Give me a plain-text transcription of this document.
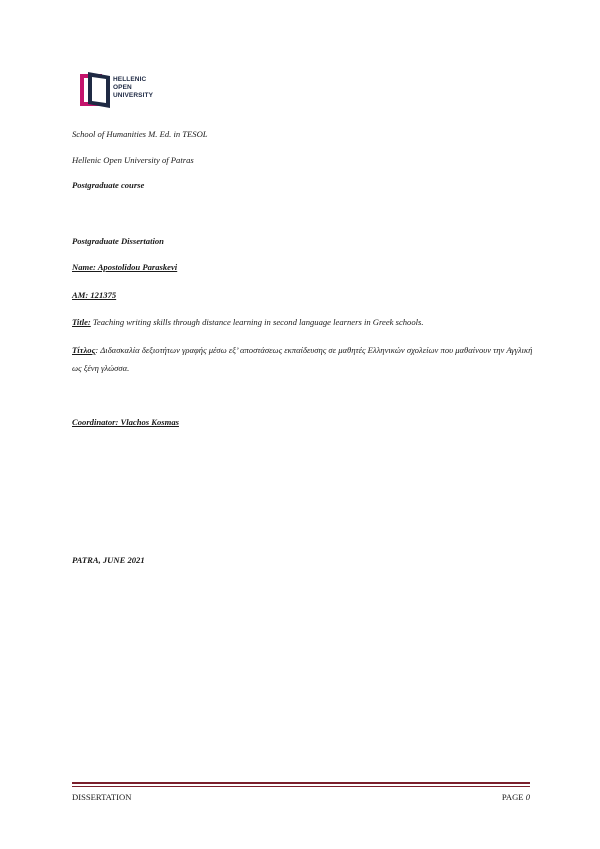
HELLENIC
OPEN
UNIVERSITY
School of Humanities M. Ed. in TESOL
Hellenic Open University of Patras
Postgraduate course
Postgraduate Dissertation
Name: Apostolidou Paraskevi
AM: 121375
Title: Teaching writing skills through distance learning in second language learners in Greek schools.
Τίτλος: Διδασκαλία δεξιοτήτων γραφής μέσω εξ’ αποστάσεως εκπαίδευσης σε μαθητές Ελληνικών σχολείων που μαθαίνουν την Αγγλική ως ξένη γλώσσα.
Coordinator: Vlachos Kosmas
PATRA, JUNE 2021
DISSERTATION	PAGE 0
